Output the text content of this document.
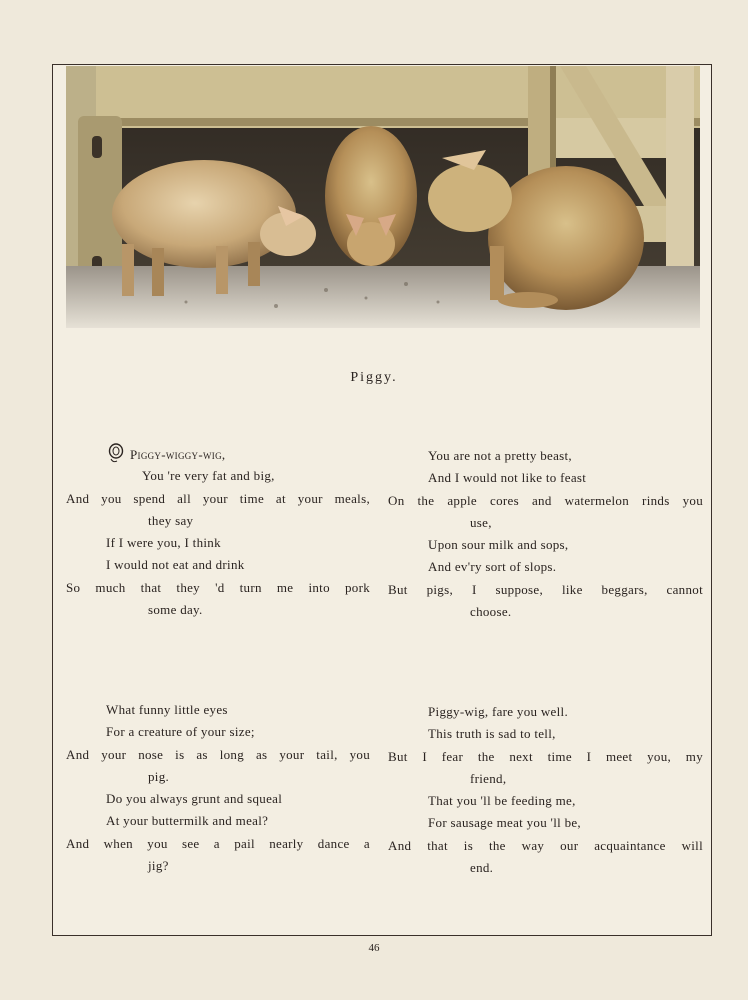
Piggy.
Piggy-wiggy-wig,
You 're very fat and big,
And you spend all your time at your meals,
they say
If I were you, I think
I would not eat and drink
So much that they 'd turn me into pork
some day.
You are not a pretty beast,
And I would not like to feast
On the apple cores and watermelon rinds you
use,
Upon sour milk and sops,
And ev'ry sort of slops.
But pigs, I suppose, like beggars, cannot
choose.
What funny little eyes
For a creature of your size;
And your nose is as long as your tail, you
pig.
Do you always grunt and squeal
At your buttermilk and meal?
And when you see a pail nearly dance a
jig?
Piggy-wig, fare you well.
This truth is sad to tell,
But I fear the next time I meet you, my
friend,
That you 'll be feeding me,
For sausage meat you 'll be,
And that is the way our acquaintance will
end.
46
